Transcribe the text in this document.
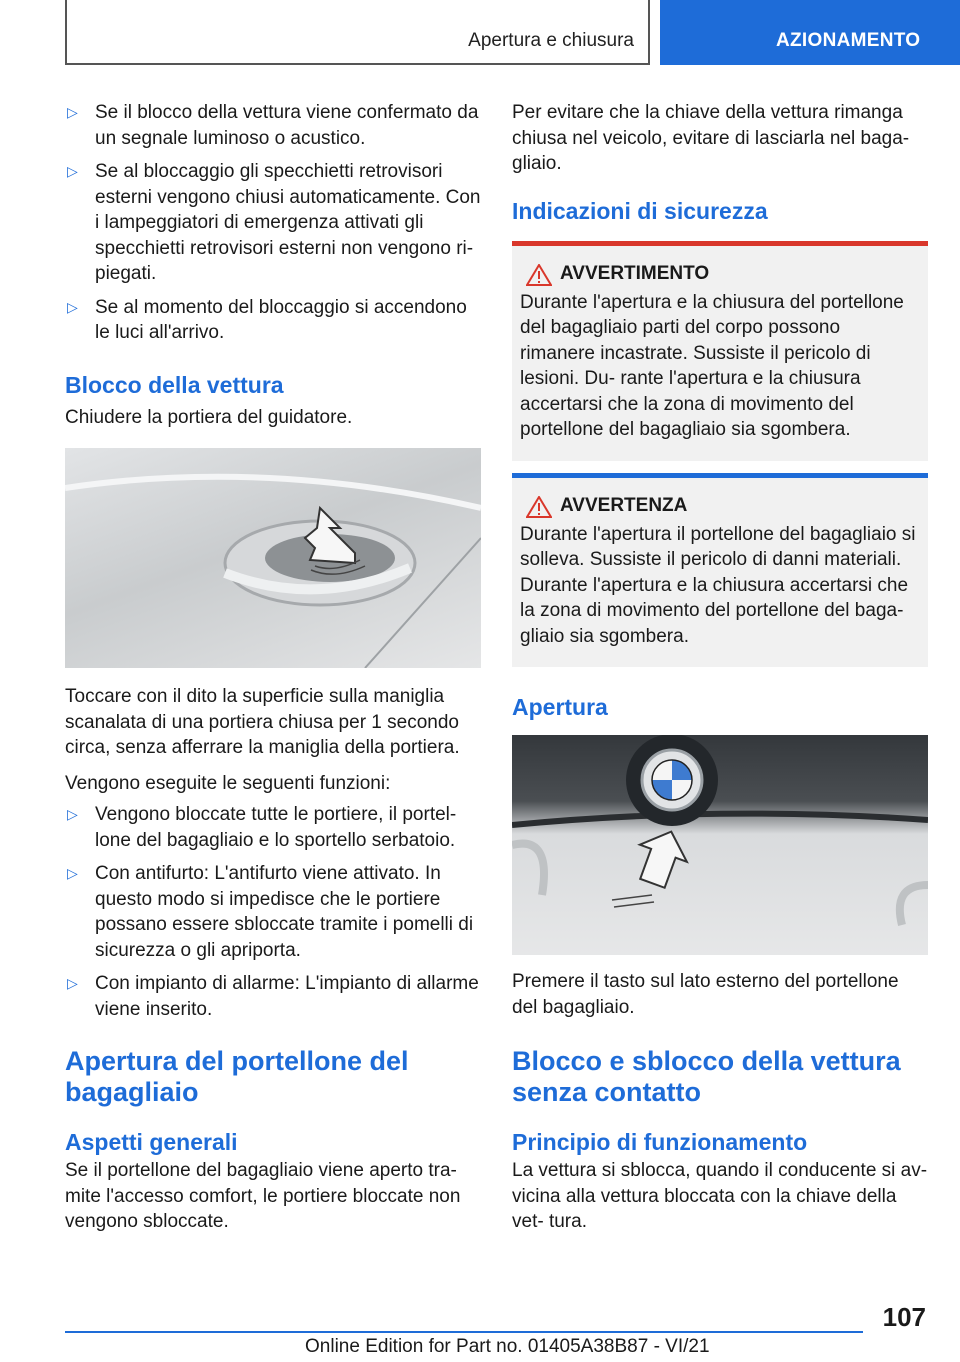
Apertura e chiusura	AZIONAMENTO
▷ Se il blocco della vettura viene confermato da un segnale luminoso o acustico.
▷ Se al bloccaggio gli specchietti retrovisori esterni vengono chiusi automaticamente. Con i lampeggiatori di emergenza attivati gli specchietti retrovisori esterni non vengono ri‐ piegati.
▷ Se al momento del bloccaggio si accendono le luci all'arrivo.
Blocco della vettura

Chiudere la portiera del guidatore.

Toccare con il dito la superficie sulla maniglia scanalata di una portiera chiusa per 1 secondo circa, senza afferrare la maniglia della portiera.

Vengono eseguite le seguenti funzioni:

▷ Vengono bloccate tutte le portiere, il portel‐ lone del bagagliaio e lo sportello serbatoio.
▷ Con antifurto: L'antifurto viene attivato. In questo modo si impedisce che le portiere possano essere sbloccate tramite i pomelli di sicurezza o gli apriporta.
▷ Con impianto di allarme: L'impianto di allarme viene inserito.
Apertura del portellone del bagagliaio
Aspetti generali

Se il portellone del bagagliaio viene aperto tra‐ mite l'accesso comfort, le portiere bloccate non vengono sbloccate.

Per evitare che la chiave della vettura rimanga chiusa nel veicolo, evitare di lasciarla nel baga‐ gliaio.

Indicazioni di sicurezza
AVVERTIMENTO

Durante l'apertura e la chiusura del portellone del bagagliaio parti del corpo possono rimanere incastrate. Sussiste il pericolo di lesioni. Du‐ rante l'apertura e la chiusura accertarsi che la zona di movimento del portellone del bagagliaio sia sgombera.

AVVERTENZA

Durante l'apertura il portellone del bagagliaio si solleva. Sussiste il pericolo di danni materiali. Durante l'apertura e la chiusura accertarsi che la zona di movimento del portellone del baga‐ gliaio sia sgombera.

Apertura

Premere il tasto sul lato esterno del portellone del bagagliaio.

Blocco e sblocco della vettura senza contatto
Principio di funzionamento

La vettura si sblocca, quando il conducente si av‐ vicina alla vettura bloccata con la chiave della vet‐ tura.

107
Online Edition for Part no. 01405A38B87 - VI/21
